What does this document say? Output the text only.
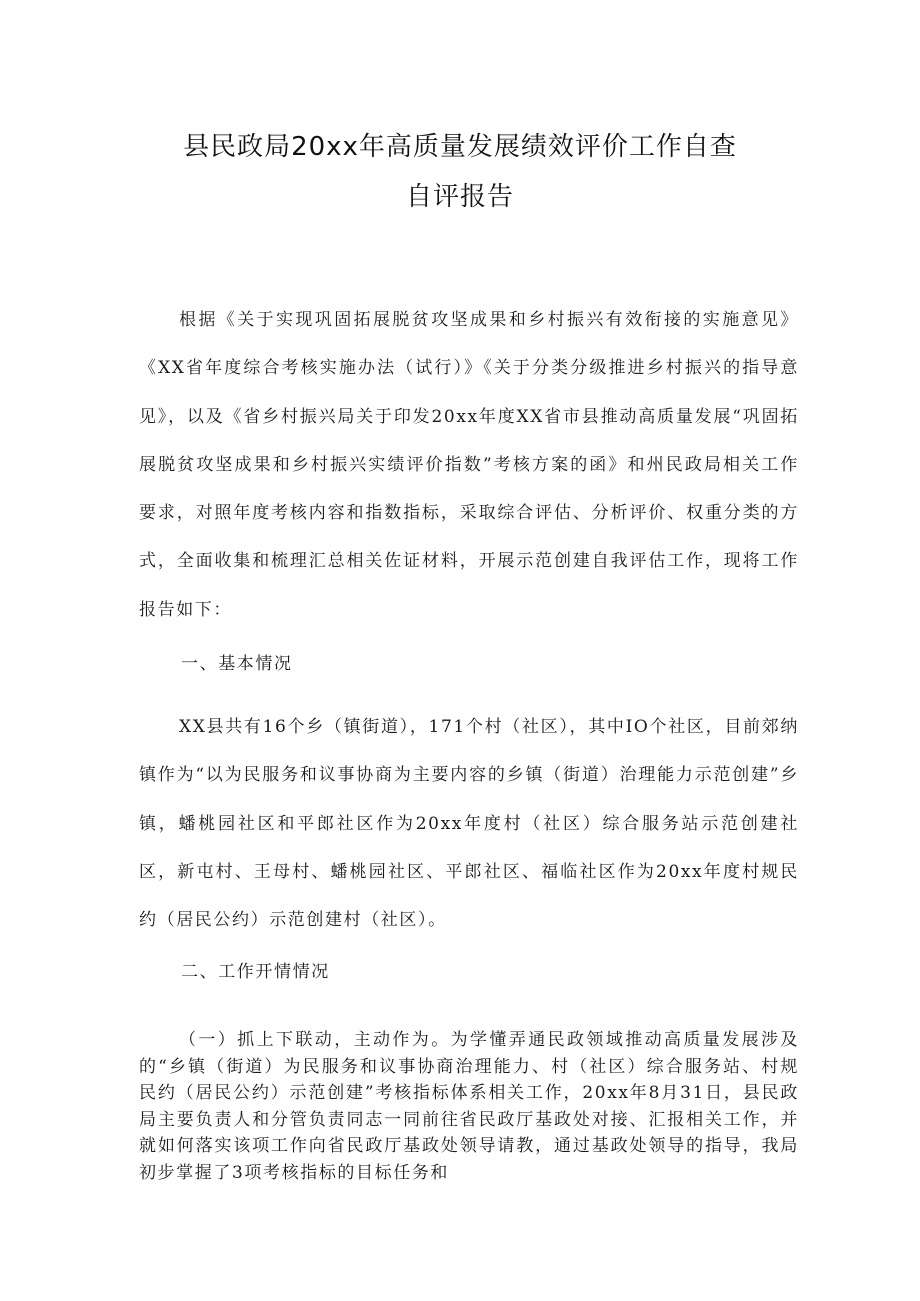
县民政局20xx年高质量发展绩效评价工作自查
自评报告
根据《关于实现巩固拓展脱贫攻坚成果和乡村振兴有效衔接的实施意见》《XX省年度综合考核实施办法（试行）》《关于分类分级推进乡村振兴的指导意见》，以及《省乡村振兴局关于印发20xx年度XX省市县推动高质量发展“巩固拓展脱贫攻坚成果和乡村振兴实绩评价指数”考核方案的函》和州民政局相关工作要求，对照年度考核内容和指数指标，采取综合评估、分析评价、权重分类的方式，全面收集和梳理汇总相关佐证材料，开展示范创建自我评估工作，现将工作报告如下：
一、基本情况
XX县共有16个乡（镇街道），171个村（社区），其中IO个社区，目前郊纳镇作为“以为民服务和议事协商为主要内容的乡镇（街道）治理能力示范创建”乡镇，蟠桃园社区和平郎社区作为20xx年度村（社区）综合服务站示范创建社区，新屯村、王母村、蟠桃园社区、平郎社区、福临社区作为20xx年度村规民约（居民公约）示范创建村（社区）。
二、工作开情情况
（一）抓上下联动，主动作为。为学懂弄通民政领域推动高质量发展涉及的“乡镇（街道）为民服务和议事协商治理能力、村（社区）综合服务站、村规民约（居民公约）示范创建”考核指标体系相关工作，20xx年8月31日，县民政局主要负责人和分管负责同志一同前往省民政厅基政处对接、汇报相关工作，并就如何落实该项工作向省民政厅基政处领导请教，通过基政处领导的指导，我局初步掌握了3项考核指标的目标任务和
